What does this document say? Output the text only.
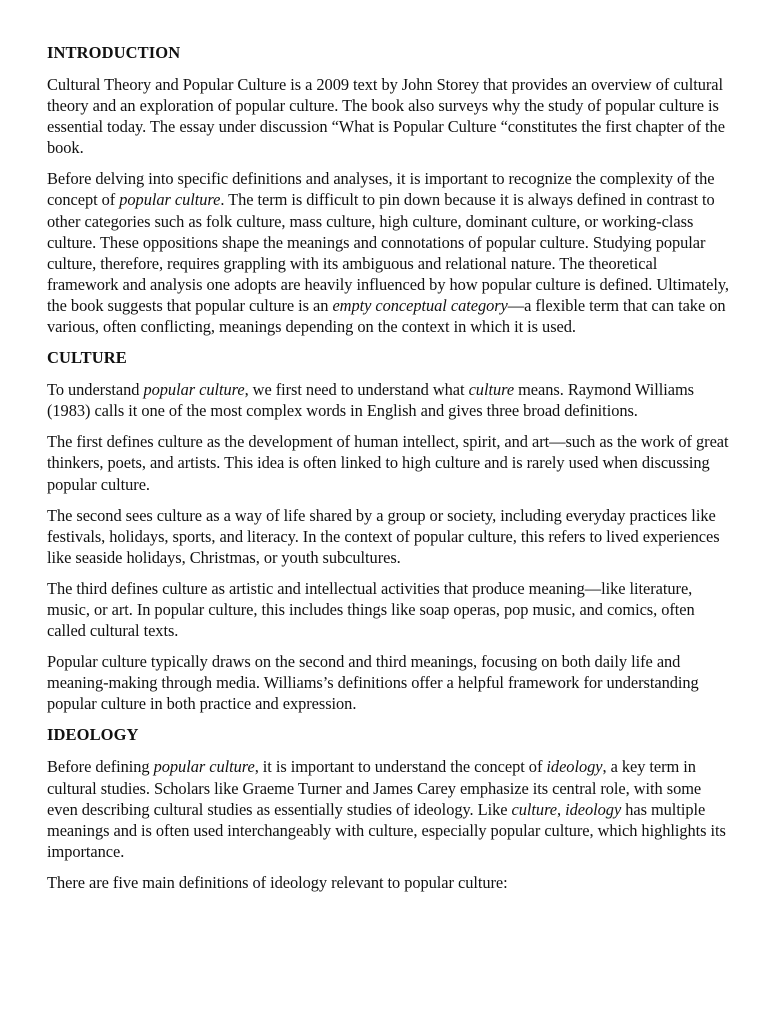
INTRODUCTION

Cultural Theory and Popular Culture is a 2009 text by John Storey that provides an overview of cultural theory and an exploration of popular culture. The book also surveys why the study of popular culture is essential today. The essay under discussion “What is Popular Culture “constitutes the first chapter of the book.

Before delving into specific definitions and analyses, it is important to recognize the complexity of the concept of popular culture. The term is difficult to pin down because it is always defined in contrast to other categories such as folk culture, mass culture, high culture, dominant culture, or working-class culture. These oppositions shape the meanings and connotations of popular culture. Studying popular culture, therefore, requires grappling with its ambiguous and relational nature. The theoretical framework and analysis one adopts are heavily influenced by how popular culture is defined. Ultimately, the book suggests that popular culture is an empty conceptual category—a flexible term that can take on various, often conflicting, meanings depending on the context in which it is used.

CULTURE

To understand popular culture, we first need to understand what culture means. Raymond Williams (1983) calls it one of the most complex words in English and gives three broad definitions.

The first defines culture as the development of human intellect, spirit, and art—such as the work of great thinkers, poets, and artists. This idea is often linked to high culture and is rarely used when discussing popular culture.

The second sees culture as a way of life shared by a group or society, including everyday practices like festivals, holidays, sports, and literacy. In the context of popular culture, this refers to lived experiences like seaside holidays, Christmas, or youth subcultures.

The third defines culture as artistic and intellectual activities that produce meaning—like literature, music, or art. In popular culture, this includes things like soap operas, pop music, and comics, often called cultural texts.

Popular culture typically draws on the second and third meanings, focusing on both daily life and meaning-making through media. Williams’s definitions offer a helpful framework for understanding popular culture in both practice and expression.

IDEOLOGY

Before defining popular culture, it is important to understand the concept of ideology, a key term in cultural studies. Scholars like Graeme Turner and James Carey emphasize its central role, with some even describing cultural studies as essentially studies of ideology. Like culture, ideology has multiple meanings and is often used interchangeably with culture, especially popular culture, which highlights its importance.

There are five main definitions of ideology relevant to popular culture:
